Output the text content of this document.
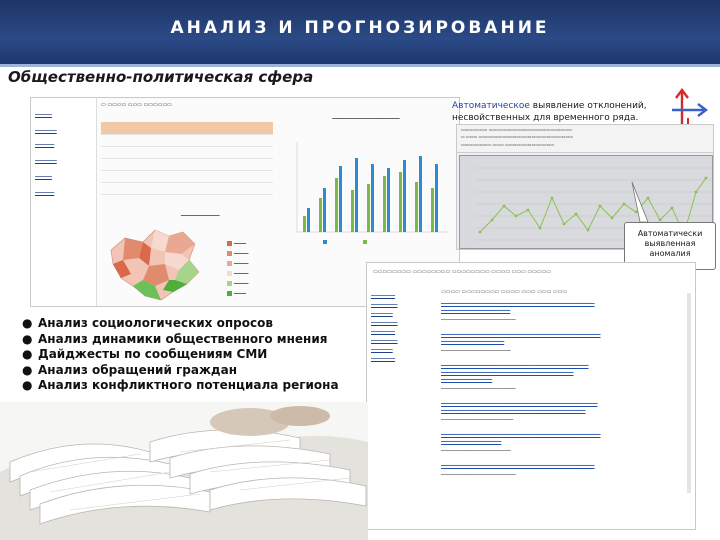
АНАЛИЗ И ПРОГНОЗИРОВАНИЕ
Общественно-политическая сфера
━━━━━━━
━━━━━━━━━
━━━━━━━━
━━━━━━━━━
━━━━━━━
━━━━━━━━
▭ ▭▭▭▭ ▭▭▭ ▭▭▭▭▭▭

━━━━━━━━━━━━━━━━━━━━━━━━━━━━
━━━━━━━━━━━━━━━━
━━━━━
━━━━━━
━━━━━━
━━━━━━
━━━━━━
━━━━━
Автоматическое выявление отклонений, несвойственных для временного ряда.
▭▭▭▭▭▭▭ ▭▭▭▭▭▭▭▭▭▭▭▭▭▭▭▭▭▭▭▭▭▭
▭ ▭▭▭ ▭▭▭▭▭▭▭▭▭▭▭▭▭▭▭▭▭▭▭▭▭▭▭▭▭
▭▭▭▭▭▭▭▭ ▭▭▭ ▭▭▭▭▭▭▭▭▭▭▭▭▭
Автоматически выявленная аномалия
▭▭▭▭▭▭▭▭ ▭▭▭▭▭▭▭▭ ▭▭▭▭▭▭▭▭ ▭▭▭▭ ▭▭▭ ▭▭▭▭▭
━━━━━━━━━━
━━━━━━━━━━━
━━━━━━━━━
━━━━━━━━━━━
━━━━━━━━━━
━━━━━━━━━━━
━━━━━━━━━
━━━━━━━━━━
▭▭▭▭ ▭▭▭▭▭▭▭▭ ▭▭▭▭ ▭▭▭ ▭▭▭ ▭▭▭
━━━━━━━━━━━━━━━━━━━━━━━━━━━━━━━━━━━━━━━━━━━━━━━━━━━
━━━━━━━━━━━━━━━━━━━━━━━
━━━━━━━━━━━━━━━━━━━━━━━━━━━━━━━
━━━━━━━━━━━━━━━━━━━━━━━━━━━━━━━━━━━━━━━━━━━━━━━━━━━━━
━━━━━━━━━━━━━━━━━━━━━
━━━━━━━━━━━━━━━━━━━━━━━━━━━━━
━━━━━━━━━━━━━━━━━━━━━━━━━━━━━━━━━━━━━━━━━━━━━━━━━
━━━━━━━━━━━━━━━━━━━━━━━━━━━━━━━━━━━━━━━━━━━━
━━━━━━━━━━━━━━━━━
━━━━━━━━━━━━━━━━━━━━━━━━━━━━━━━
━━━━━━━━━━━━━━━━━━━━━━━━━━━━━━━━━━━━━━━━━━━━━━━━━━━━
━━━━━━━━━━━━━━━━━━━━━━━━━━━━━━━━━━━━━━━━━━━━━━━━
━━━━━━━━━━━━━━━━━━━━━━━━━━━━━━
━━━━━━━━━━━━━━━━━━━━━━━━━━━━━━━━━━━━━━━━━━━━━━━━━━━━━
━━━━━━━━━━━━━━━━━━━━
━━━━━━━━━━━━━━━━━━━━━━━━━━━━━
━━━━━━━━━━━━━━━━━━━━━━━━━━━━━━━━━━━━━━━━━━━━━━━━━━━
━━━━━━━━━━━━━━━━━━━━━━━━━━━━━━━
● Анализ социологических опросов
● Анализ динамики общественного мнения
● Дайджесты по сообщениям СМИ
● Анализ обращений граждан
● Анализ конфликтного потенциала региона
